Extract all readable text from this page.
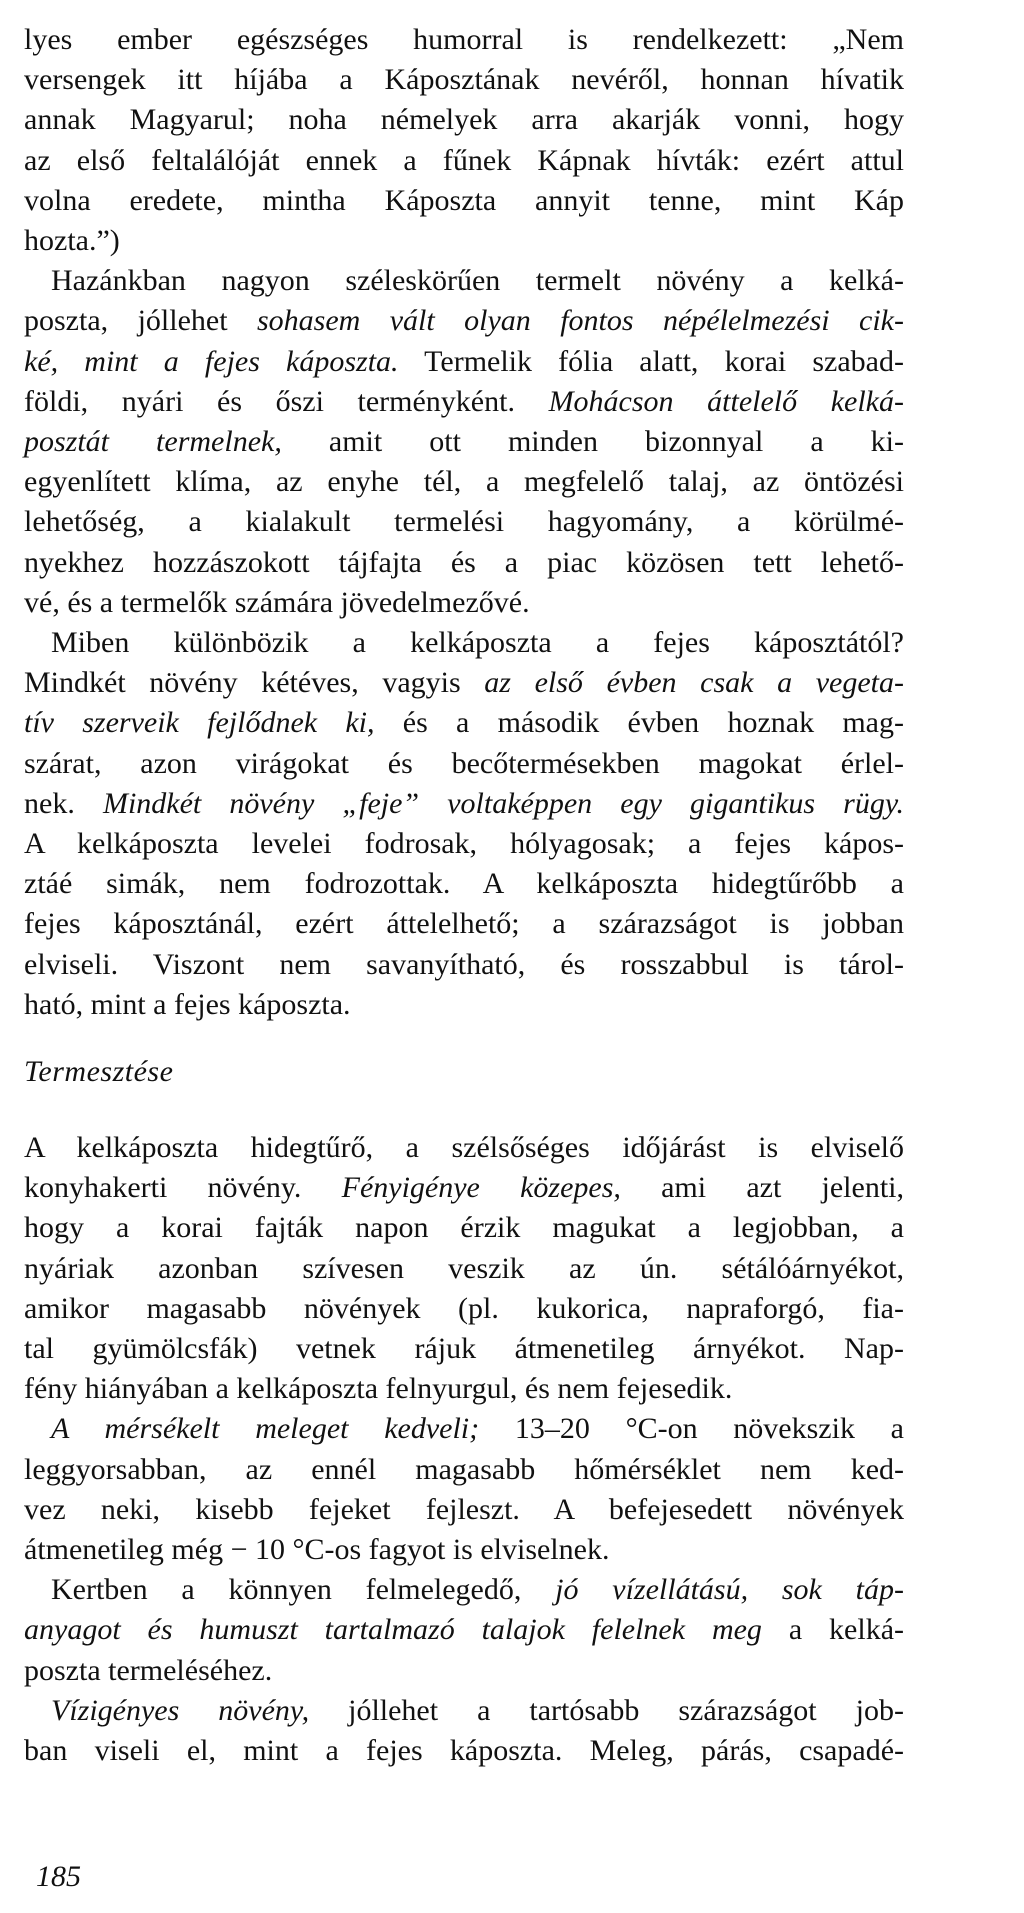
lyes ember egészséges humorral is rendelkezett: „Nem
versengek itt híjába a Káposztának nevéről, honnan hívatik
annak Magyarul; noha némelyek arra akarják vonni, hogy
az első feltalálóját ennek a fűnek Kápnak hívták: ezért attul
volna eredete, mintha Káposzta annyit tenne, mint Káp
hozta.”)
Hazánkban nagyon széleskörűen termelt növény a kelká-
poszta, jóllehet sohasem vált olyan fontos népélelmezési cik-
ké, mint a fejes káposzta. Termelik fólia alatt, korai szabad-
földi, nyári és őszi terményként. Mohácson áttelelő kelká-
posztát termelnek, amit ott minden bizonnyal a ki-
egyenlített klíma, az enyhe tél, a megfelelő talaj, az öntözési
lehetőség, a kialakult termelési hagyomány, a körülmé-
nyekhez hozzászokott tájfajta és a piac közösen tett lehető-
vé, és a termelők számára jövedelmezővé.
Miben különbözik a kelkáposzta a fejes káposztától?
Mindkét növény kétéves, vagyis az első évben csak a vegeta-
tív szerveik fejlődnek ki, és a második évben hoznak mag-
szárat, azon virágokat és becőtermésekben magokat érlel-
nek. Mindkét növény „feje” voltaképpen egy gigantikus rügy.
A kelkáposzta levelei fodrosak, hólyagosak; a fejes kápos-
ztáé simák, nem fodrozottak. A kelkáposzta hidegtűrőbb a
fejes káposztánál, ezért áttelelhető; a szárazságot is jobban
elviseli. Viszont nem savanyítható, és rosszabbul is tárol-
ható, mint a fejes káposzta.
Termesztése
A kelkáposzta hidegtűrő, a szélsőséges időjárást is elviselő
konyhakerti növény. Fényigénye közepes, ami azt jelenti,
hogy a korai fajták napon érzik magukat a legjobban, a
nyáriak azonban szívesen veszik az ún. sétálóárnyékot,
amikor magasabb növények (pl. kukorica, napraforgó, fia-
tal gyümölcsfák) vetnek rájuk átmenetileg árnyékot. Nap-
fény hiányában a kelkáposzta felnyurgul, és nem fejesedik.
A mérsékelt meleget kedveli; 13–20 °C-on növekszik a
leggyorsabban, az ennél magasabb hőmérséklet nem ked-
vez neki, kisebb fejeket fejleszt. A befejesedett növények
átmenetileg még − 10 °C-os fagyot is elviselnek.
Kertben a könnyen felmelegedő, jó vízellátású, sok táp-
anyagot és humuszt tartalmazó talajok felelnek meg a kelká-
poszta termeléséhez.
Vízigényes növény, jóllehet a tartósabb szárazságot job-
ban viseli el, mint a fejes káposzta. Meleg, párás, csapadé-
185
